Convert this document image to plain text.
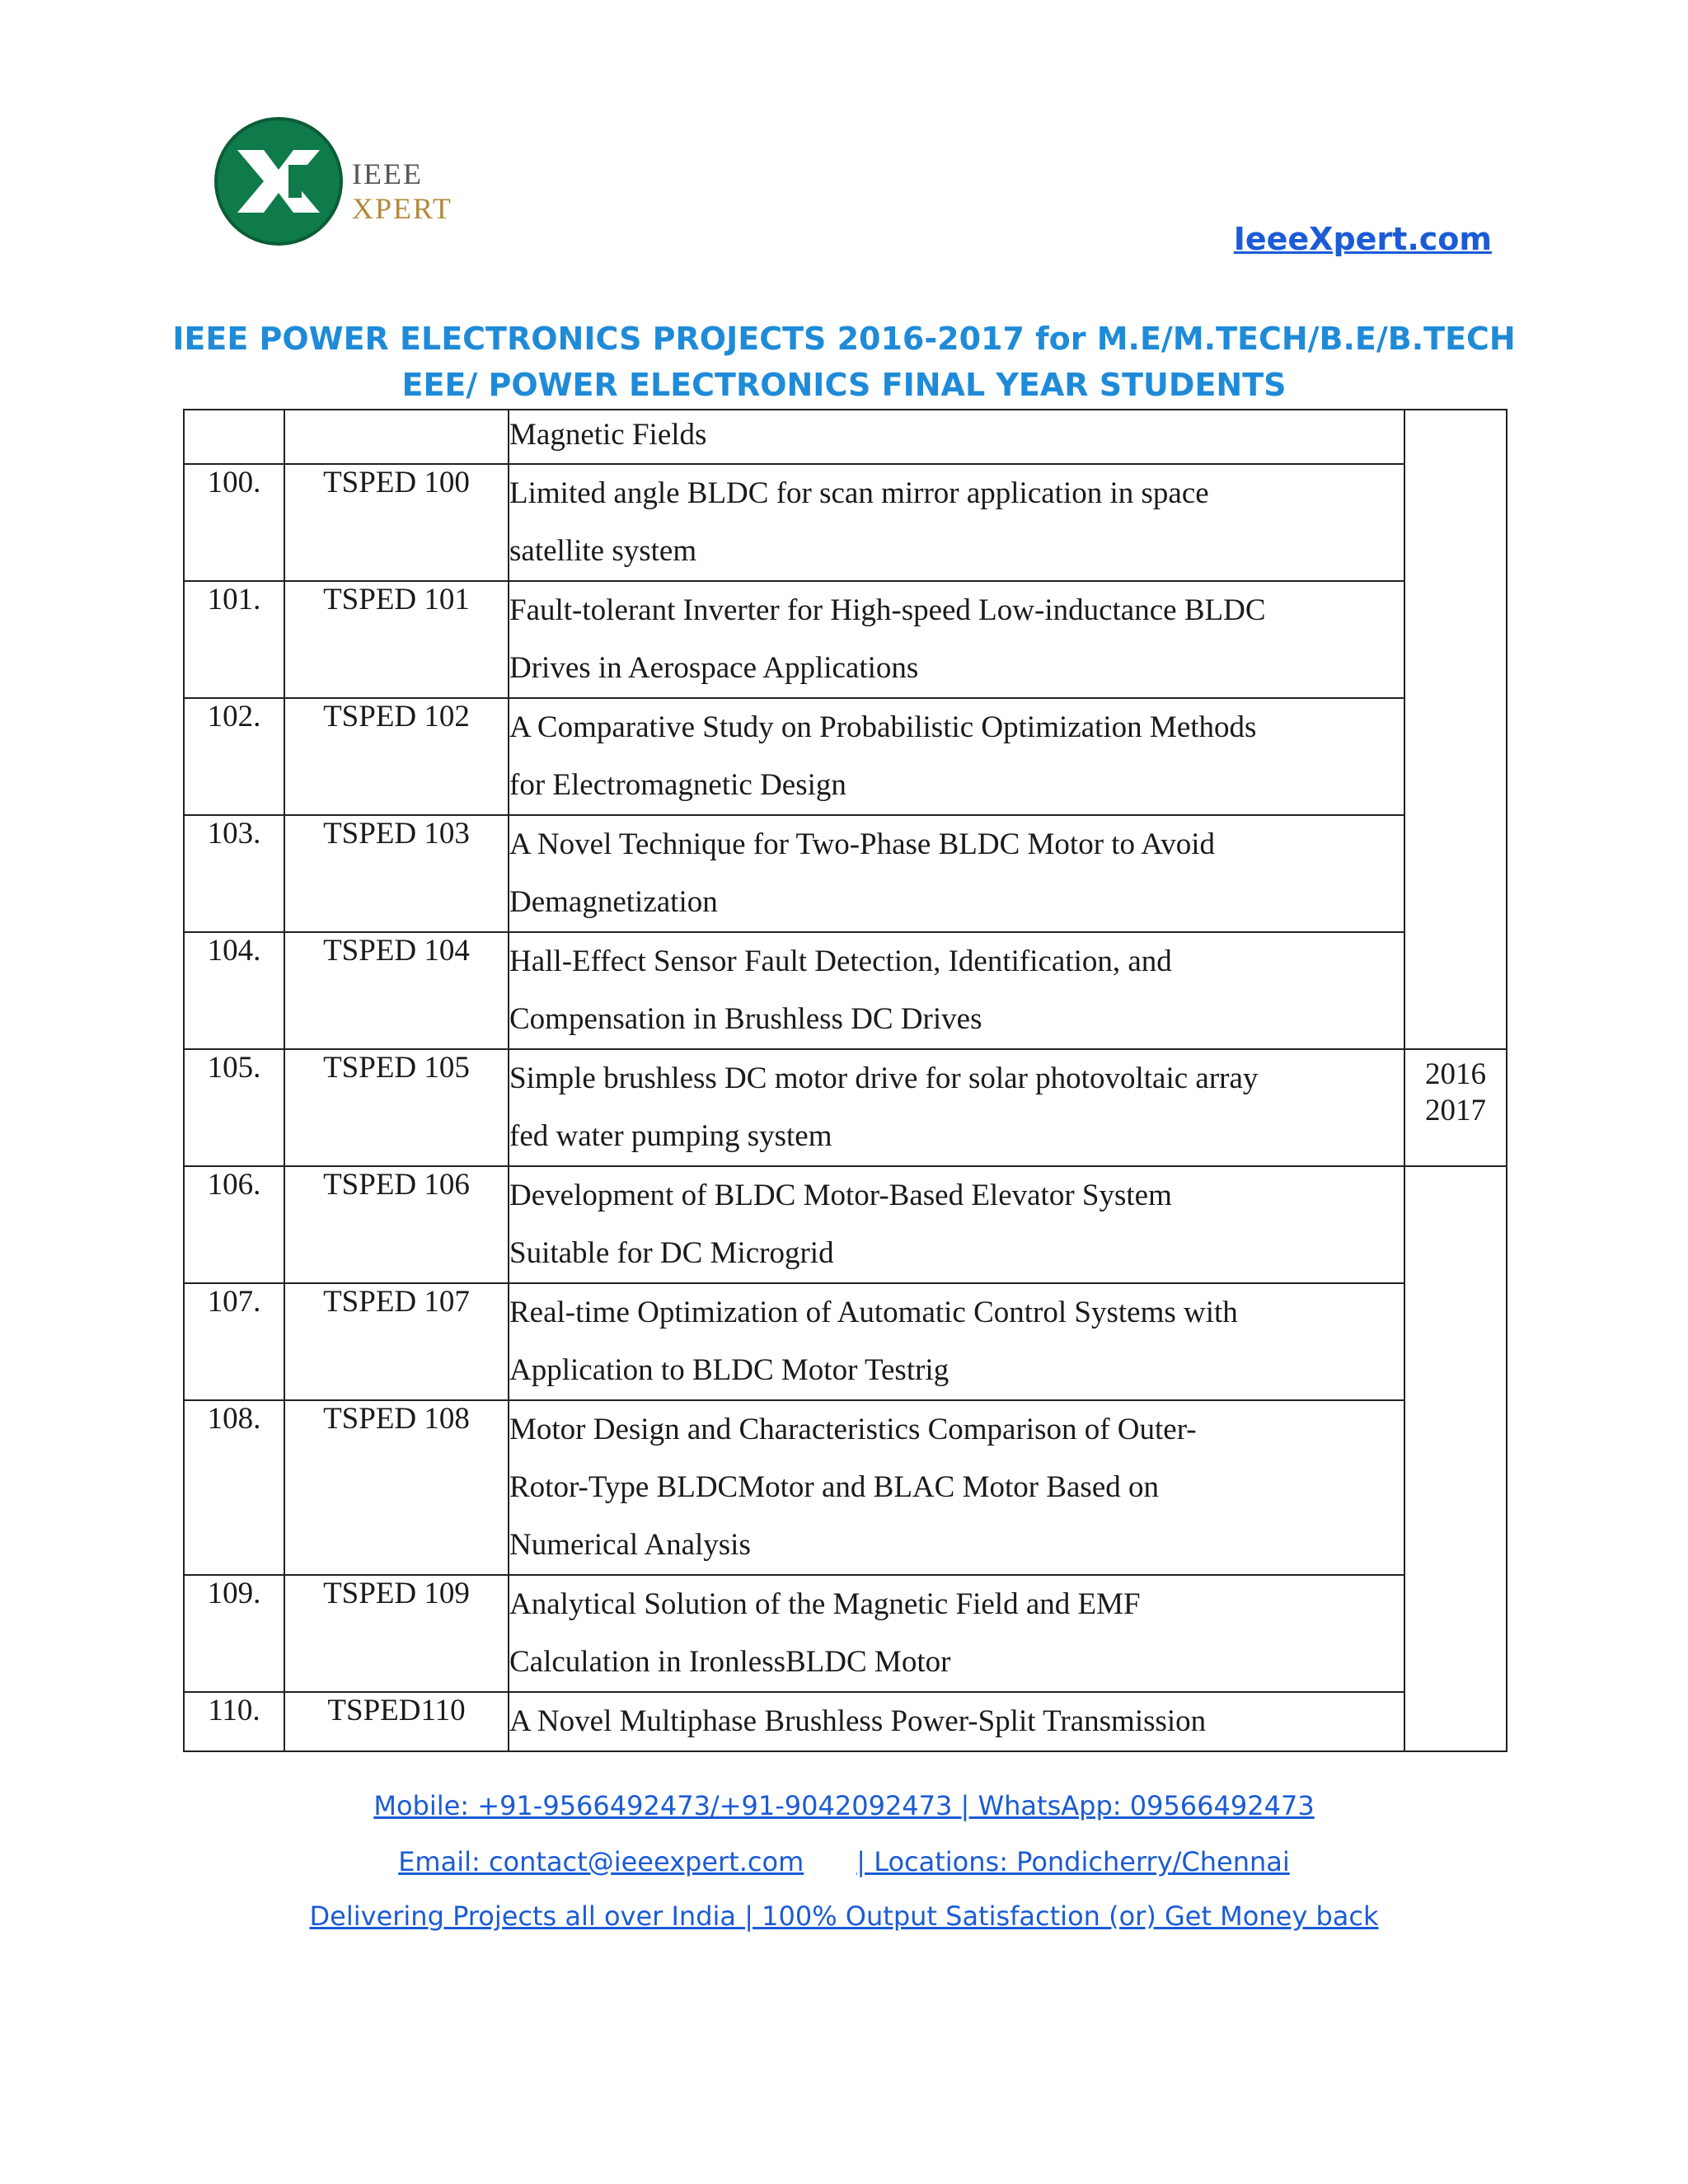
IEEE XPERT
IeeeXpert.com
IEEE POWER ELECTRONICS PROJECTS 2016-2017 for M.E/M.TECH/B.E/B.TECH
EEE/ POWER ELECTRONICS FINAL YEAR STUDENTS
		Magnetic Fields	

100.	TSPED 100	Limited angle BLDC for scan mirror application in space
satellite system	

101.	TSPED 101	Fault-tolerant Inverter for High-speed Low-inductance BLDC
Drives in Aerospace Applications	

102.	TSPED 102	A Comparative Study on Probabilistic Optimization Methods
for Electromagnetic Design	

103.	TSPED 103	A Novel Technique for Two-Phase BLDC Motor to Avoid
Demagnetization	

104.	TSPED 104	Hall-Effect Sensor Fault Detection, Identification, and
Compensation in Brushless DC Drives	

105.	TSPED 105	Simple brushless DC motor drive for solar photovoltaic array
fed water pumping system	2016
2017

106.	TSPED 106	Development of BLDC Motor-Based Elevator System
Suitable for DC Microgrid	

107.	TSPED 107	Real-time Optimization of Automatic Control Systems with
Application to BLDC Motor Testrig	

108.	TSPED 108	Motor Design and Characteristics Comparison of Outer-
Rotor-Type BLDCMotor and BLAC Motor Based on
Numerical Analysis	

109.	TSPED 109	Analytical Solution of the Magnetic Field and EMF
Calculation in IronlessBLDC Motor	

110.	TSPED110	A Novel Multiphase Brushless Power-Split Transmission	
Mobile: +91-9566492473/+91-9042092473 | WhatsApp: 09566492473
Email: contact@ieeexpert.com | Locations: Pondicherry/Chennai
Delivering Projects all over India | 100% Output Satisfaction (or) Get Money back
